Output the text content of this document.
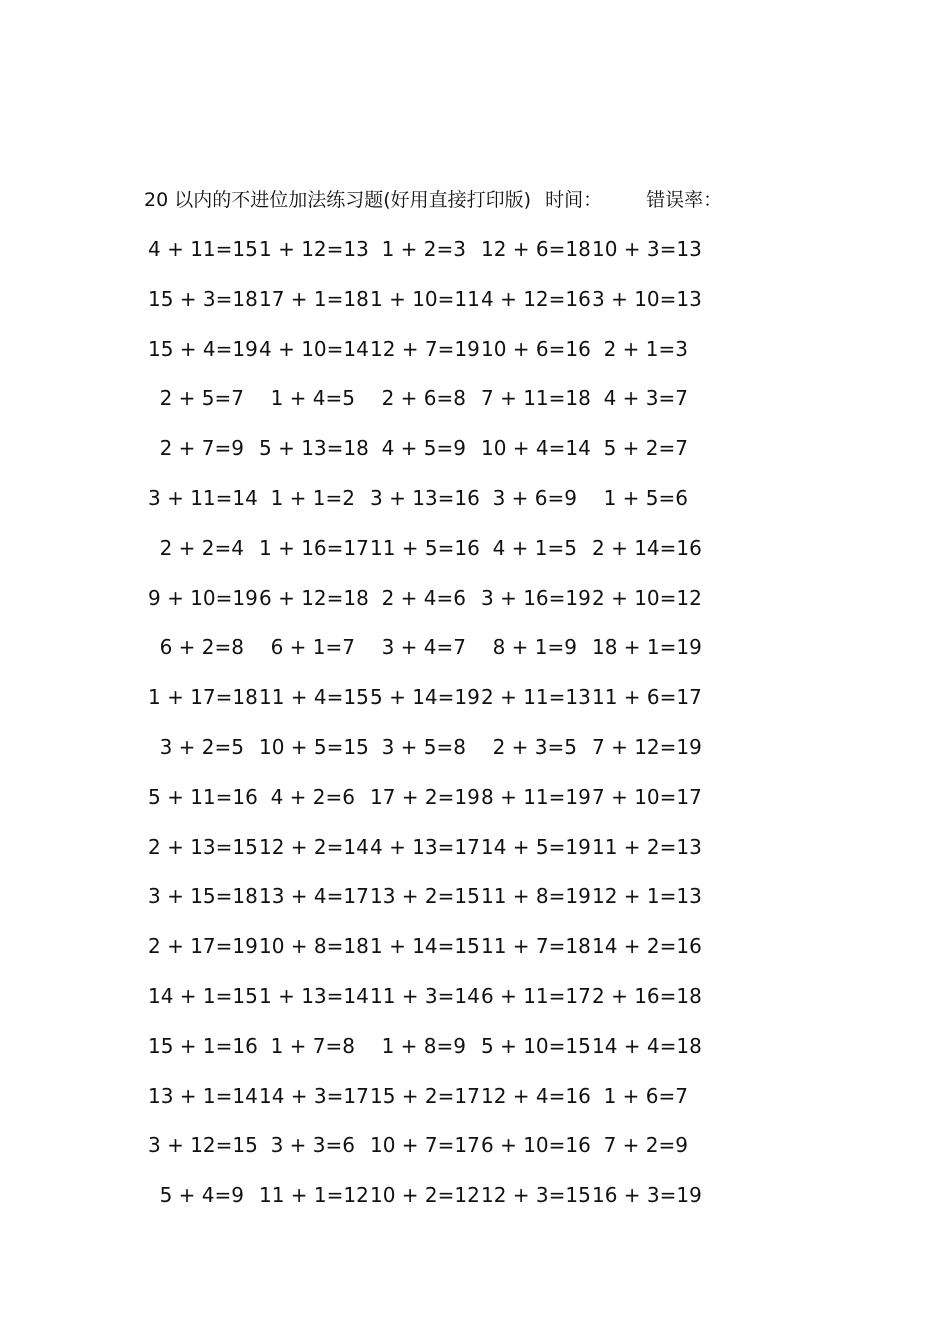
20 以内的不进位加法练习题(好用直接打印版) 时间： 错误率：
4 + 11=15 1 + 12=13 1 + 2=3 12 + 6=18 10 + 3=13
15 + 3=18 17 + 1=18 1 + 10=11 4 + 12=16 3 + 10=13
15 + 4=19 4 + 10=14 12 + 7=19 10 + 6=16 2 + 1=3
2 + 5=7	1 + 4=5	2 + 6=8 7 + 11=18 4 + 3=7
2 + 7=9 5 + 13=18 4 + 5=9 10 + 4=14 5 + 2=7
3 + 11=14 1 + 1=2 3 + 13=16 3 + 6=9	1 + 5=6
2 + 2=4 1 + 16=17 11 + 5=16 4 + 1=5 2 + 14=16
9 + 10=19 6 + 12=18 2 + 4=6 3 + 16=19 2 + 10=12
6 + 2=8	6 + 1=7	3 + 4=7	8 + 1=9 18 + 1=19
1 + 17=18 11 + 4=15 5 + 14=19 2 + 11=13 11 + 6=17
3 + 2=5 10 + 5=15 3 + 5=8	2 + 3=5 7 + 12=19
5 + 11=16 4 + 2=6 17 + 2=19 8 + 11=19 7 + 10=17
2 + 13=15 12 + 2=14 4 + 13=17 14 + 5=19 11 + 2=13
3 + 15=18 13 + 4=17 13 + 2=15 11 + 8=19 12 + 1=13
2 + 17=19 10 + 8=18 1 + 14=15 11 + 7=18 14 + 2=16
14 + 1=15 1 + 13=14 11 + 3=14 6 + 11=17 2 + 16=18
15 + 1=16 1 + 7=8	1 + 8=9 5 + 10=15 14 + 4=18
13 + 1=14 14 + 3=17 15 + 2=17 12 + 4=16 1 + 6=7
3 + 12=15 3 + 3=6 10 + 7=17 6 + 10=16 7 + 2=9
5 + 4=9 11 + 1=12 10 + 2=12 12 + 3=15 16 + 3=19
